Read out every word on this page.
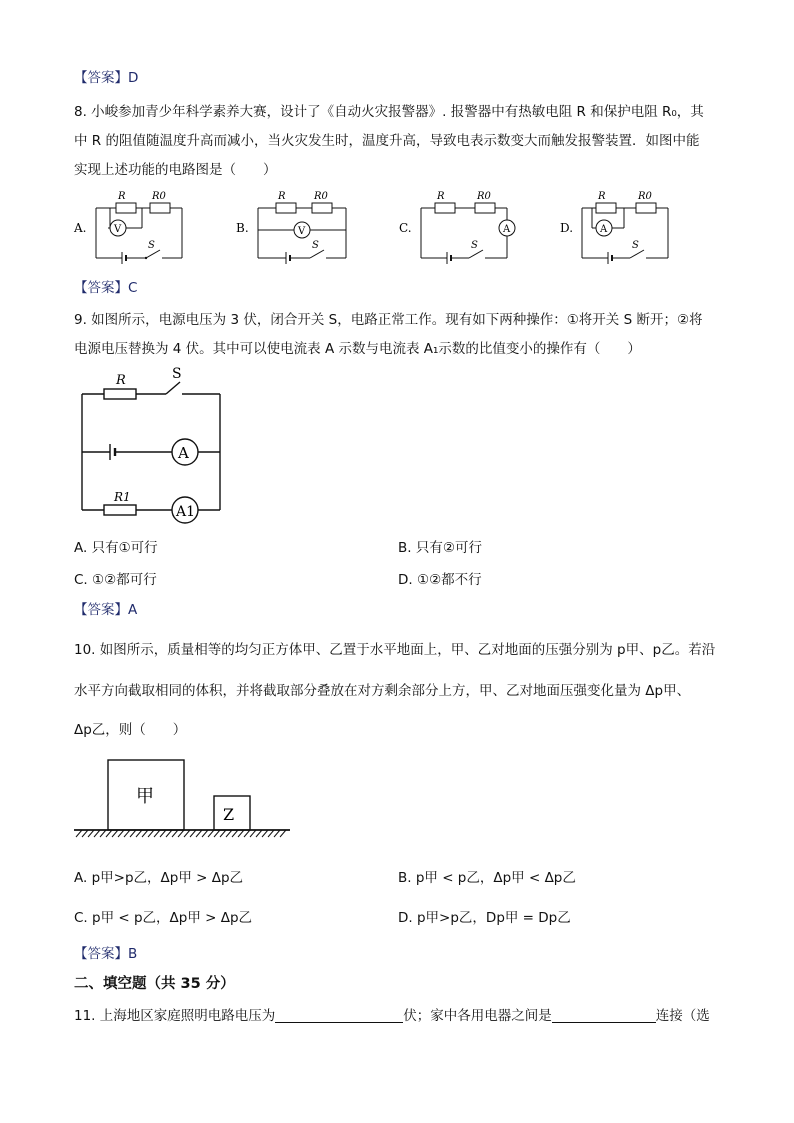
【答案】D
8. 小峻参加青少年科学素养大赛，设计了《自动火灾报警器》. 报警器中有热敏电阻 R 和保护电阻 R₀，其
中 R 的阻值随温度升高而减小，当火灾发生时，温度升高，导致电表示数变大而触发报警装置．如图中能
实现上述功能的电路图是（　　）
A.
R	R0
V
S
B.
R	R0
V
S
C.
R	R0
A
S
D.
R	R0
A
S
【答案】C
9. 如图所示，电源电压为 3 伏，闭合开关 S，电路正常工作。现有如下两种操作：①将开关 S 断开；②将
电源电压替换为 4 伏。其中可以使电流表 A 示数与电流表 A₁示数的比值变小的操作有（　　）
R	S
A
R1
A1
A. 只有①可行	B. 只有②可行
C. ①②都可行	D. ①②都不行
【答案】A
10. 如图所示，质量相等的均匀正方体甲、乙置于水平地面上，甲、乙对地面的压强分别为 p甲、p乙。若沿
水平方向截取相同的体积，并将截取部分叠放在对方剩余部分上方，甲、乙对地面压强变化量为 Δp甲、
Δp乙，则（　　）
甲
Z
A. p甲>p乙，Δp甲 > Δp乙	B. p甲 < p乙，Δp甲 < Δp乙
C. p甲 < p乙，Δp甲 > Δp乙	D. p甲>p乙，Dp甲 = Dp乙
【答案】B
二、填空题（共 35 分）
11. 上海地区家庭照明电路电压为	伏；家中各用电器之间是	连接（选
